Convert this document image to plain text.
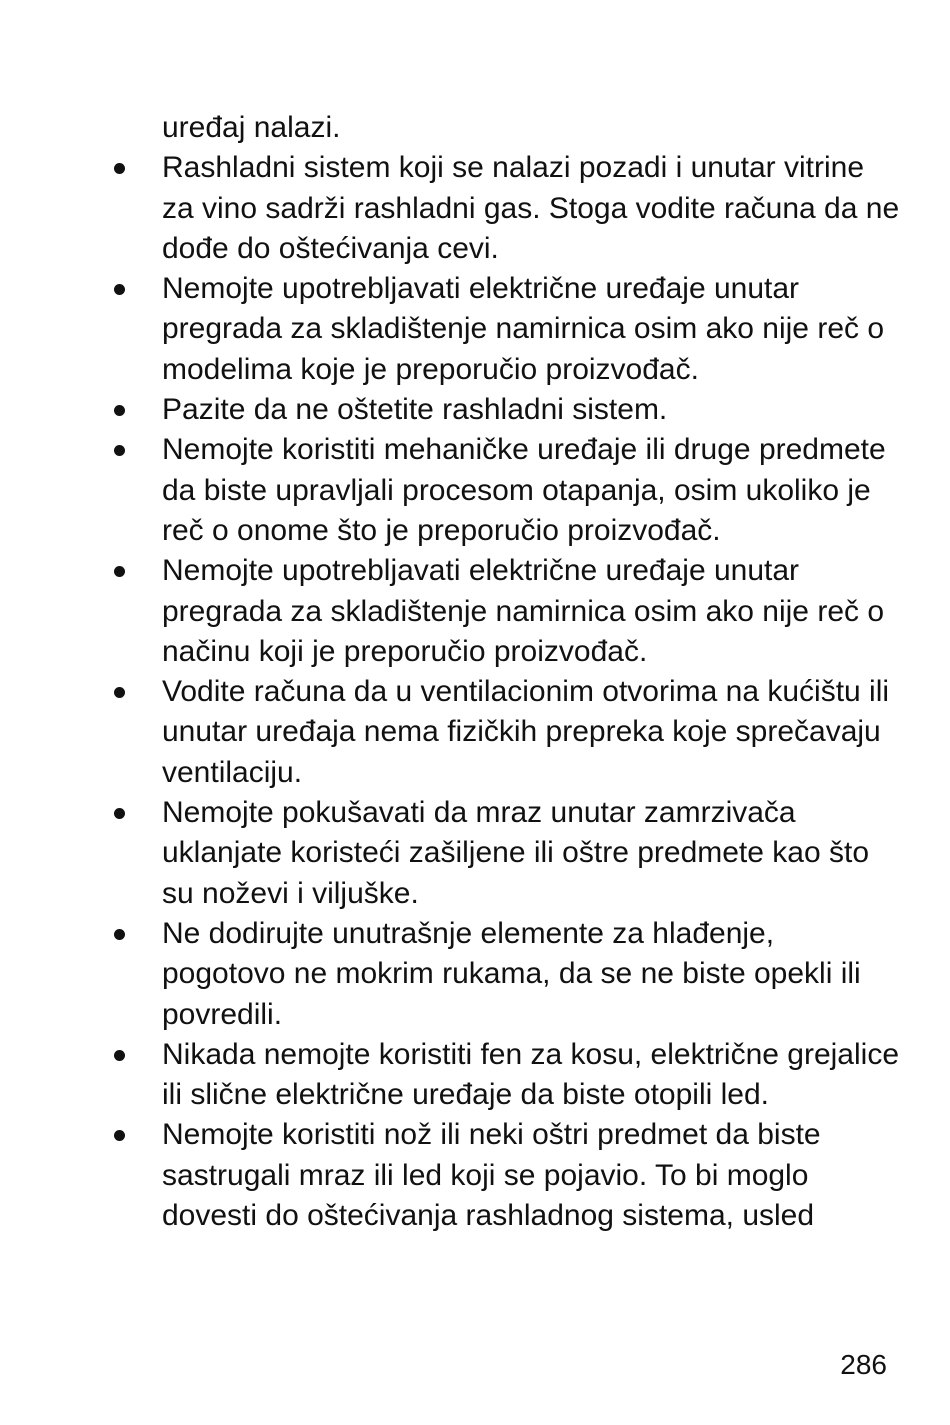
uređaj nalazi.

Rashladni sistem koji se nalazi pozadi i unutar vitrine za vino sadrži rashladni gas. Stoga vodite računa da ne dođe do oštećivanja cevi.
Nemojte upotrebljavati električne uređaje unutar pregrada za skladištenje namirnica osim ako nije reč o modelima koje je preporučio proizvođač.
Pazite da ne oštetite rashladni sistem.
Nemojte koristiti mehaničke uređaje ili druge predmete da biste upravljali procesom otapanja, osim ukoliko je reč o onome što je preporučio proizvođač.
Nemojte upotrebljavati električne uređaje unutar pregrada za skladištenje namirnica osim ako nije reč o načinu koji je preporučio proizvođač.
Vodite računa da u ventilacionim otvorima na kućištu ili unutar uređaja nema fizičkih prepreka koje sprečavaju ventilaciju.
Nemojte pokušavati da mraz unutar zamrzivača uklanjate koristeći zašiljene ili oštre predmete kao što su noževi i viljuške.
Ne dodirujte unutrašnje elemente za hlađenje, pogotovo ne mokrim rukama, da se ne biste opekli ili povredili.
Nikada nemojte koristiti fen za kosu, električne grejalice ili slične električne uređaje da biste otopili led.
Nemojte koristiti nož ili neki oštri predmet da biste sastrugali mraz ili led koji se pojavio. To bi moglo dovesti do oštećivanja rashladnog sistema, usled
286
